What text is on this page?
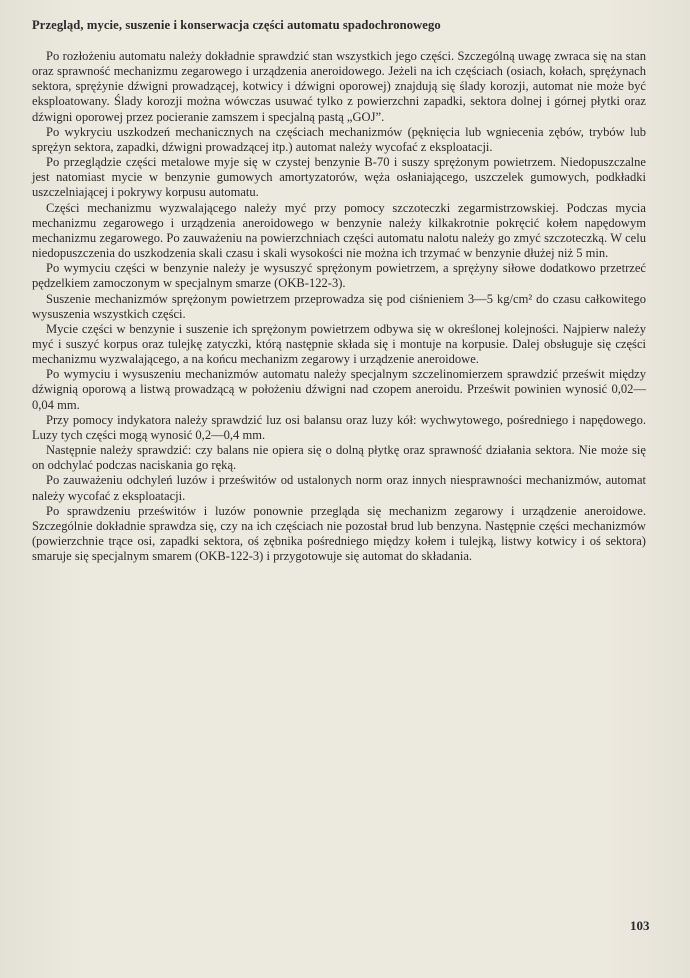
Przegląd, mycie, suszenie i konserwacja części automatu spadochronowego

Po rozłożeniu automatu należy dokładnie sprawdzić stan wszystkich jego części. Szczególną uwagę zwraca się na stan oraz sprawność mechanizmu zegarowego i urządzenia aneroidowego. Jeżeli na ich częściach (osiach, kołach, sprężynach sektora, sprężynie dźwigni prowadzącej, kotwicy i dźwigni oporowej) znajdują się ślady korozji, automat nie może być eksploatowany. Ślady korozji można wówczas usuwać tylko z powierzchni zapadki, sektora dolnej i górnej płytki oraz dźwigni oporowej przez pocieranie zamszem i specjalną pastą „GOJ”.

Po wykryciu uszkodzeń mechanicznych na częściach mechanizmów (pęknięcia lub wgniecenia zębów, trybów lub sprężyn sektora, zapadki, dźwigni prowadzącej itp.) automat należy wycofać z eksploatacji.

Po przeglądzie części metalowe myje się w czystej benzynie B-70 i suszy sprężonym powietrzem. Niedopuszczalne jest natomiast mycie w benzynie gumowych amortyzatorów, węża osłaniającego, uszczelek gumowych, podkładki uszczelniającej i pokrywy korpusu automatu.

Części mechanizmu wyzwalającego należy myć przy pomocy szczoteczki zegarmistrzowskiej. Podczas mycia mechanizmu zegarowego i urządzenia aneroidowego w benzynie należy kilkakrotnie pokręcić kołem napędowym mechanizmu zegarowego. Po zauważeniu na powierzchniach części automatu nalotu należy go zmyć szczoteczką. W celu niedopuszczenia do uszkodzenia skali czasu i skali wysokości nie można ich trzymać w benzynie dłużej niż 5 min.

Po wymyciu części w benzynie należy je wysuszyć sprężonym powietrzem, a sprężyny siłowe dodatkowo przetrzeć pędzelkiem zamoczonym w specjalnym smarze (OKB-122-3).

Suszenie mechanizmów sprężonym powietrzem przeprowadza się pod ciśnieniem 3—5 kg/cm² do czasu całkowitego wysuszenia wszystkich części.

Mycie części w benzynie i suszenie ich sprężonym powietrzem odbywa się w określonej kolejności. Najpierw należy myć i suszyć korpus oraz tulejkę zatyczki, którą następnie składa się i montuje na korpusie. Dalej obsługuje się części mechanizmu wyzwalającego, a na końcu mechanizm zegarowy i urządzenie aneroidowe.

Po wymyciu i wysuszeniu mechanizmów automatu należy specjalnym szczelinomierzem sprawdzić prześwit między dźwignią oporową a listwą prowadzącą w położeniu dźwigni nad czopem aneroidu. Prześwit powinien wynosić 0,02—0,04 mm.

Przy pomocy indykatora należy sprawdzić luz osi balansu oraz luzy kół: wychwytowego, pośredniego i napędowego. Luzy tych części mogą wynosić 0,2—0,4 mm.

Następnie należy sprawdzić: czy balans nie opiera się o dolną płytkę oraz sprawność działania sektora. Nie może się on odchylać podczas naciskania go ręką.

Po zauważeniu odchyleń luzów i prześwitów od ustalonych norm oraz innych niesprawności mechanizmów, automat należy wycofać z eksploatacji.

Po sprawdzeniu prześwitów i luzów ponownie przegląda się mechanizm zegarowy i urządzenie aneroidowe. Szczególnie dokładnie sprawdza się, czy na ich częściach nie pozostał brud lub benzyna. Następnie części mechanizmów (powierzchnie trące osi, zapadki sektora, oś zębnika pośredniego między kołem i tulejką, listwy kotwicy i oś sektora) smaruje się specjalnym smarem (OKB-122-3) i przygotowuje się automat do składania.

103
